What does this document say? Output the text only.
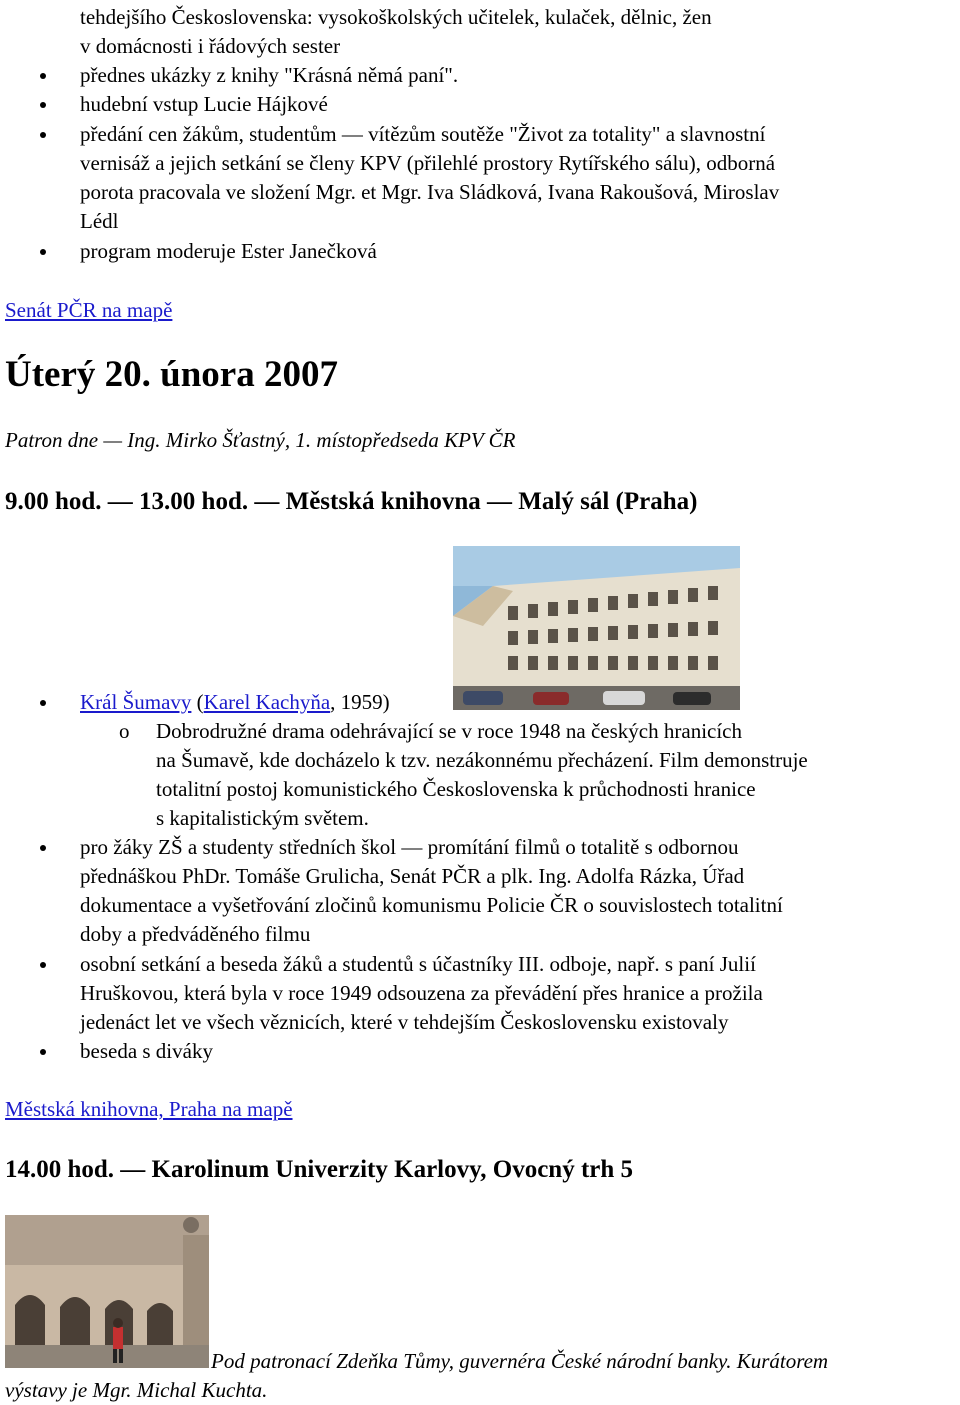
tehdejšího Československa: vysokoškolských učitelek, kulaček, dělnic, žen
v domácnosti i řádových sester
přednes ukázky z knihy "Krásná němá paní".
hudební vstup Lucie Hájkové
předání cen žákům, studentům — vítězům soutěže "Život za totality" a slavnostní
vernisáž a jejich setkání se členy KPV (přilehlé prostory Rytířského sálu), odborná
porota pracovala ve složení Mgr. et Mgr. Iva Sládková, Ivana Rakoušová, Miroslav
Lédl
program moderuje Ester Janečková
Senát PČR na mapě
Úterý 20. února 2007
Patron dne — Ing. Mirko Šťastný, 1. místopředseda KPV ČR
9.00 hod. — 13.00 hod. — Městská knihovna — Malý sál (Praha)
Král Šumavy (Karel Kachyňa, 1959)
o Dobrodružné drama odehrávající se v roce 1948 na českých hranicích
na Šumavě, kde docházelo k tzv. nezákonnému přecházení. Film demonstruje
totalitní postoj komunistického Československa k průchodnosti hranice
s kapitalistickým světem.
pro žáky ZŠ a studenty středních škol — promítání filmů o totalitě s odbornou
přednáškou PhDr. Tomáše Grulicha, Senát PČR a plk. Ing. Adolfa Rázka, Úřad
dokumentace a vyšetřování zločinů komunismu Policie ČR o souvislostech totalitní
doby a předváděného filmu
osobní setkání a beseda žáků a studentů s účastníky III. odboje, např. s paní Julií
Hruškovou, která byla v roce 1949 odsouzena za převádění přes hranice a prožila
jedenáct let ve všech věznicích, které v tehdejším Československu existovaly
beseda s diváky
Městská knihovna, Praha na mapě
14.00 hod. — Karolinum Univerzity Karlovy, Ovocný trh 5
Pod patronací Zdeňka Tůmy, guvernéra České národní banky. Kurátorem
výstavy je Mgr. Michal Kuchta.
